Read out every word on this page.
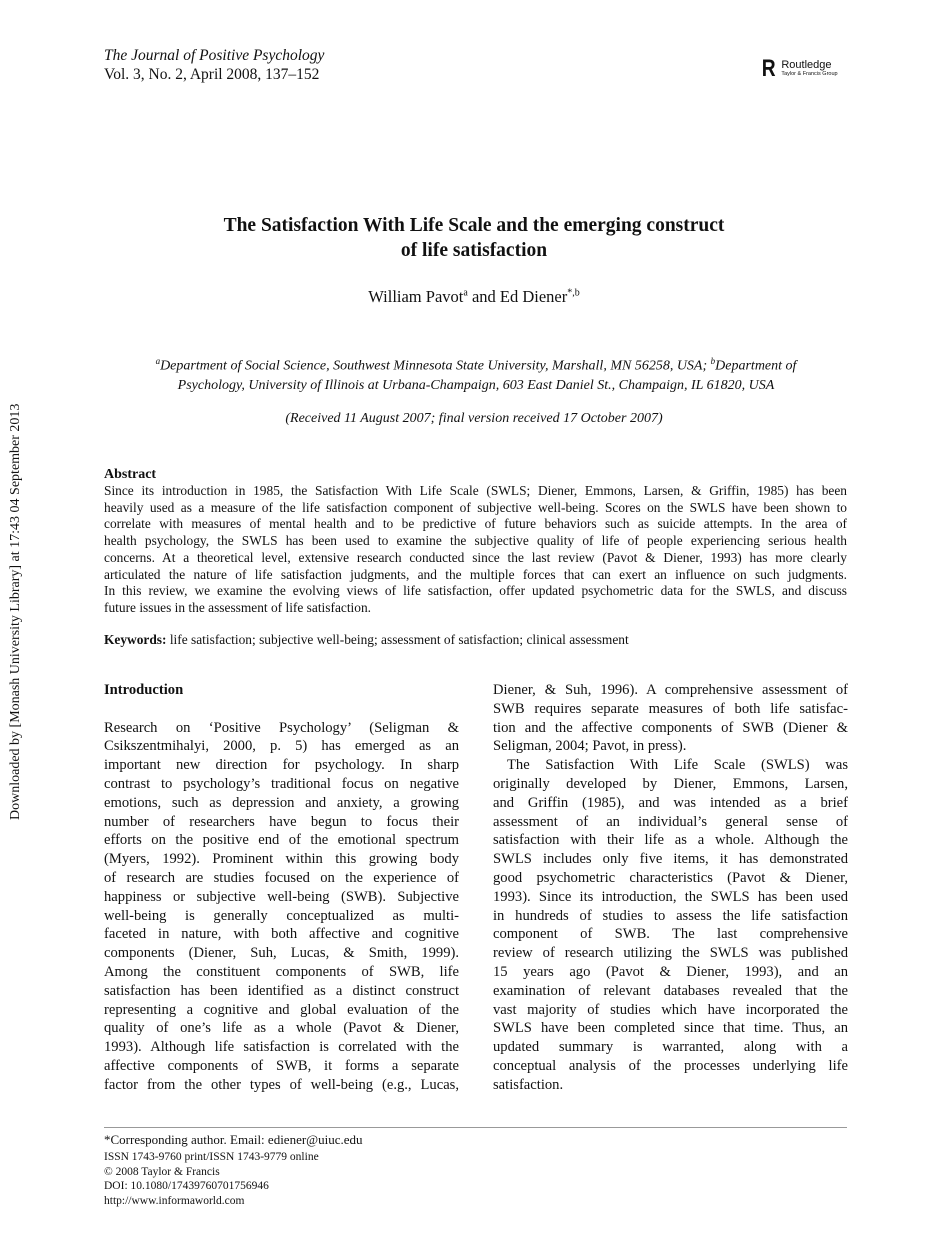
The Journal of Positive Psychology
Vol. 3, No. 2, April 2008, 137–152	R Routledge
Taylor & Francis Group
Downloaded by [Monash University Library] at 17:43 04 September 2013
The Satisfaction With Life Scale and the emerging construct
of life satisfaction
William Pavot$^a$ and Ed Diener$^{*,b}$
$^a$Department of Social Science, Southwest Minnesota State University, Marshall, MN 56258, USA; $^b$Department of
Psychology, University of Illinois at Urbana-Champaign, 603 East Daniel St., Champaign, IL 61820, USA
(Received 11 August 2007; final version received 17 October 2007)
Abstract
Since its introduction in 1985, the Satisfaction With Life Scale (SWLS; Diener, Emmons, Larsen, & Griffin, 1985) has been
heavily used as a measure of the life satisfaction component of subjective well-being. Scores on the SWLS have been shown to
correlate with measures of mental health and to be predictive of future behaviors such as suicide attempts. In the area of
health psychology, the SWLS has been used to examine the subjective quality of life of people experiencing serious health
concerns. At a theoretical level, extensive research conducted since the last review (Pavot & Diener, 1993) has more clearly
articulated the nature of life satisfaction judgments, and the multiple forces that can exert an influence on such judgments.
In this review, we examine the evolving views of life satisfaction, offer updated psychometric data for the SWLS, and discuss
future issues in the assessment of life satisfaction.
Keywords: life satisfaction; subjective well-being; assessment of satisfaction; clinical assessment
Introduction
Research on ‘Positive Psychology’ (Seligman &
Csikszentmihalyi, 2000, p. 5) has emerged as an
important new direction for psychology. In sharp
contrast to psychology’s traditional focus on negative
emotions, such as depression and anxiety, a growing
number of researchers have begun to focus their
efforts on the positive end of the emotional spectrum
(Myers, 1992). Prominent within this growing body
of research are studies focused on the experience of
happiness or subjective well-being (SWB). Subjective
well-being is generally conceptualized as multi-
faceted in nature, with both affective and cognitive
components (Diener, Suh, Lucas, & Smith, 1999).
Among the constituent components of SWB, life
satisfaction has been identified as a distinct construct
representing a cognitive and global evaluation of the
quality of one’s life as a whole (Pavot & Diener,
1993). Although life satisfaction is correlated with the
affective components of SWB, it forms a separate
factor from the other types of well-being (e.g., Lucas,
Diener, & Suh, 1996). A comprehensive assessment of
SWB requires separate measures of both life satisfac-
tion and the affective components of SWB (Diener &
Seligman, 2004; Pavot, in press).
The Satisfaction With Life Scale (SWLS) was
originally developed by Diener, Emmons, Larsen,
and Griffin (1985), and was intended as a brief
assessment of an individual’s general sense of
satisfaction with their life as a whole. Although the
SWLS includes only five items, it has demonstrated
good psychometric characteristics (Pavot & Diener,
1993). Since its introduction, the SWLS has been used
in hundreds of studies to assess the life satisfaction
component of SWB. The last comprehensive
review of research utilizing the SWLS was published
15 years ago (Pavot & Diener, 1993), and an
examination of relevant databases revealed that the
vast majority of studies which have incorporated the
SWLS have been completed since that time. Thus, an
updated summary is warranted, along with a
conceptual analysis of the processes underlying life
satisfaction.
*Corresponding author. Email: ediener@uiuc.edu
ISSN 1743-9760 print/ISSN 1743-9779 online
© 2008 Taylor & Francis
DOI: 10.1080/17439760701756946
http://www.informaworld.com
